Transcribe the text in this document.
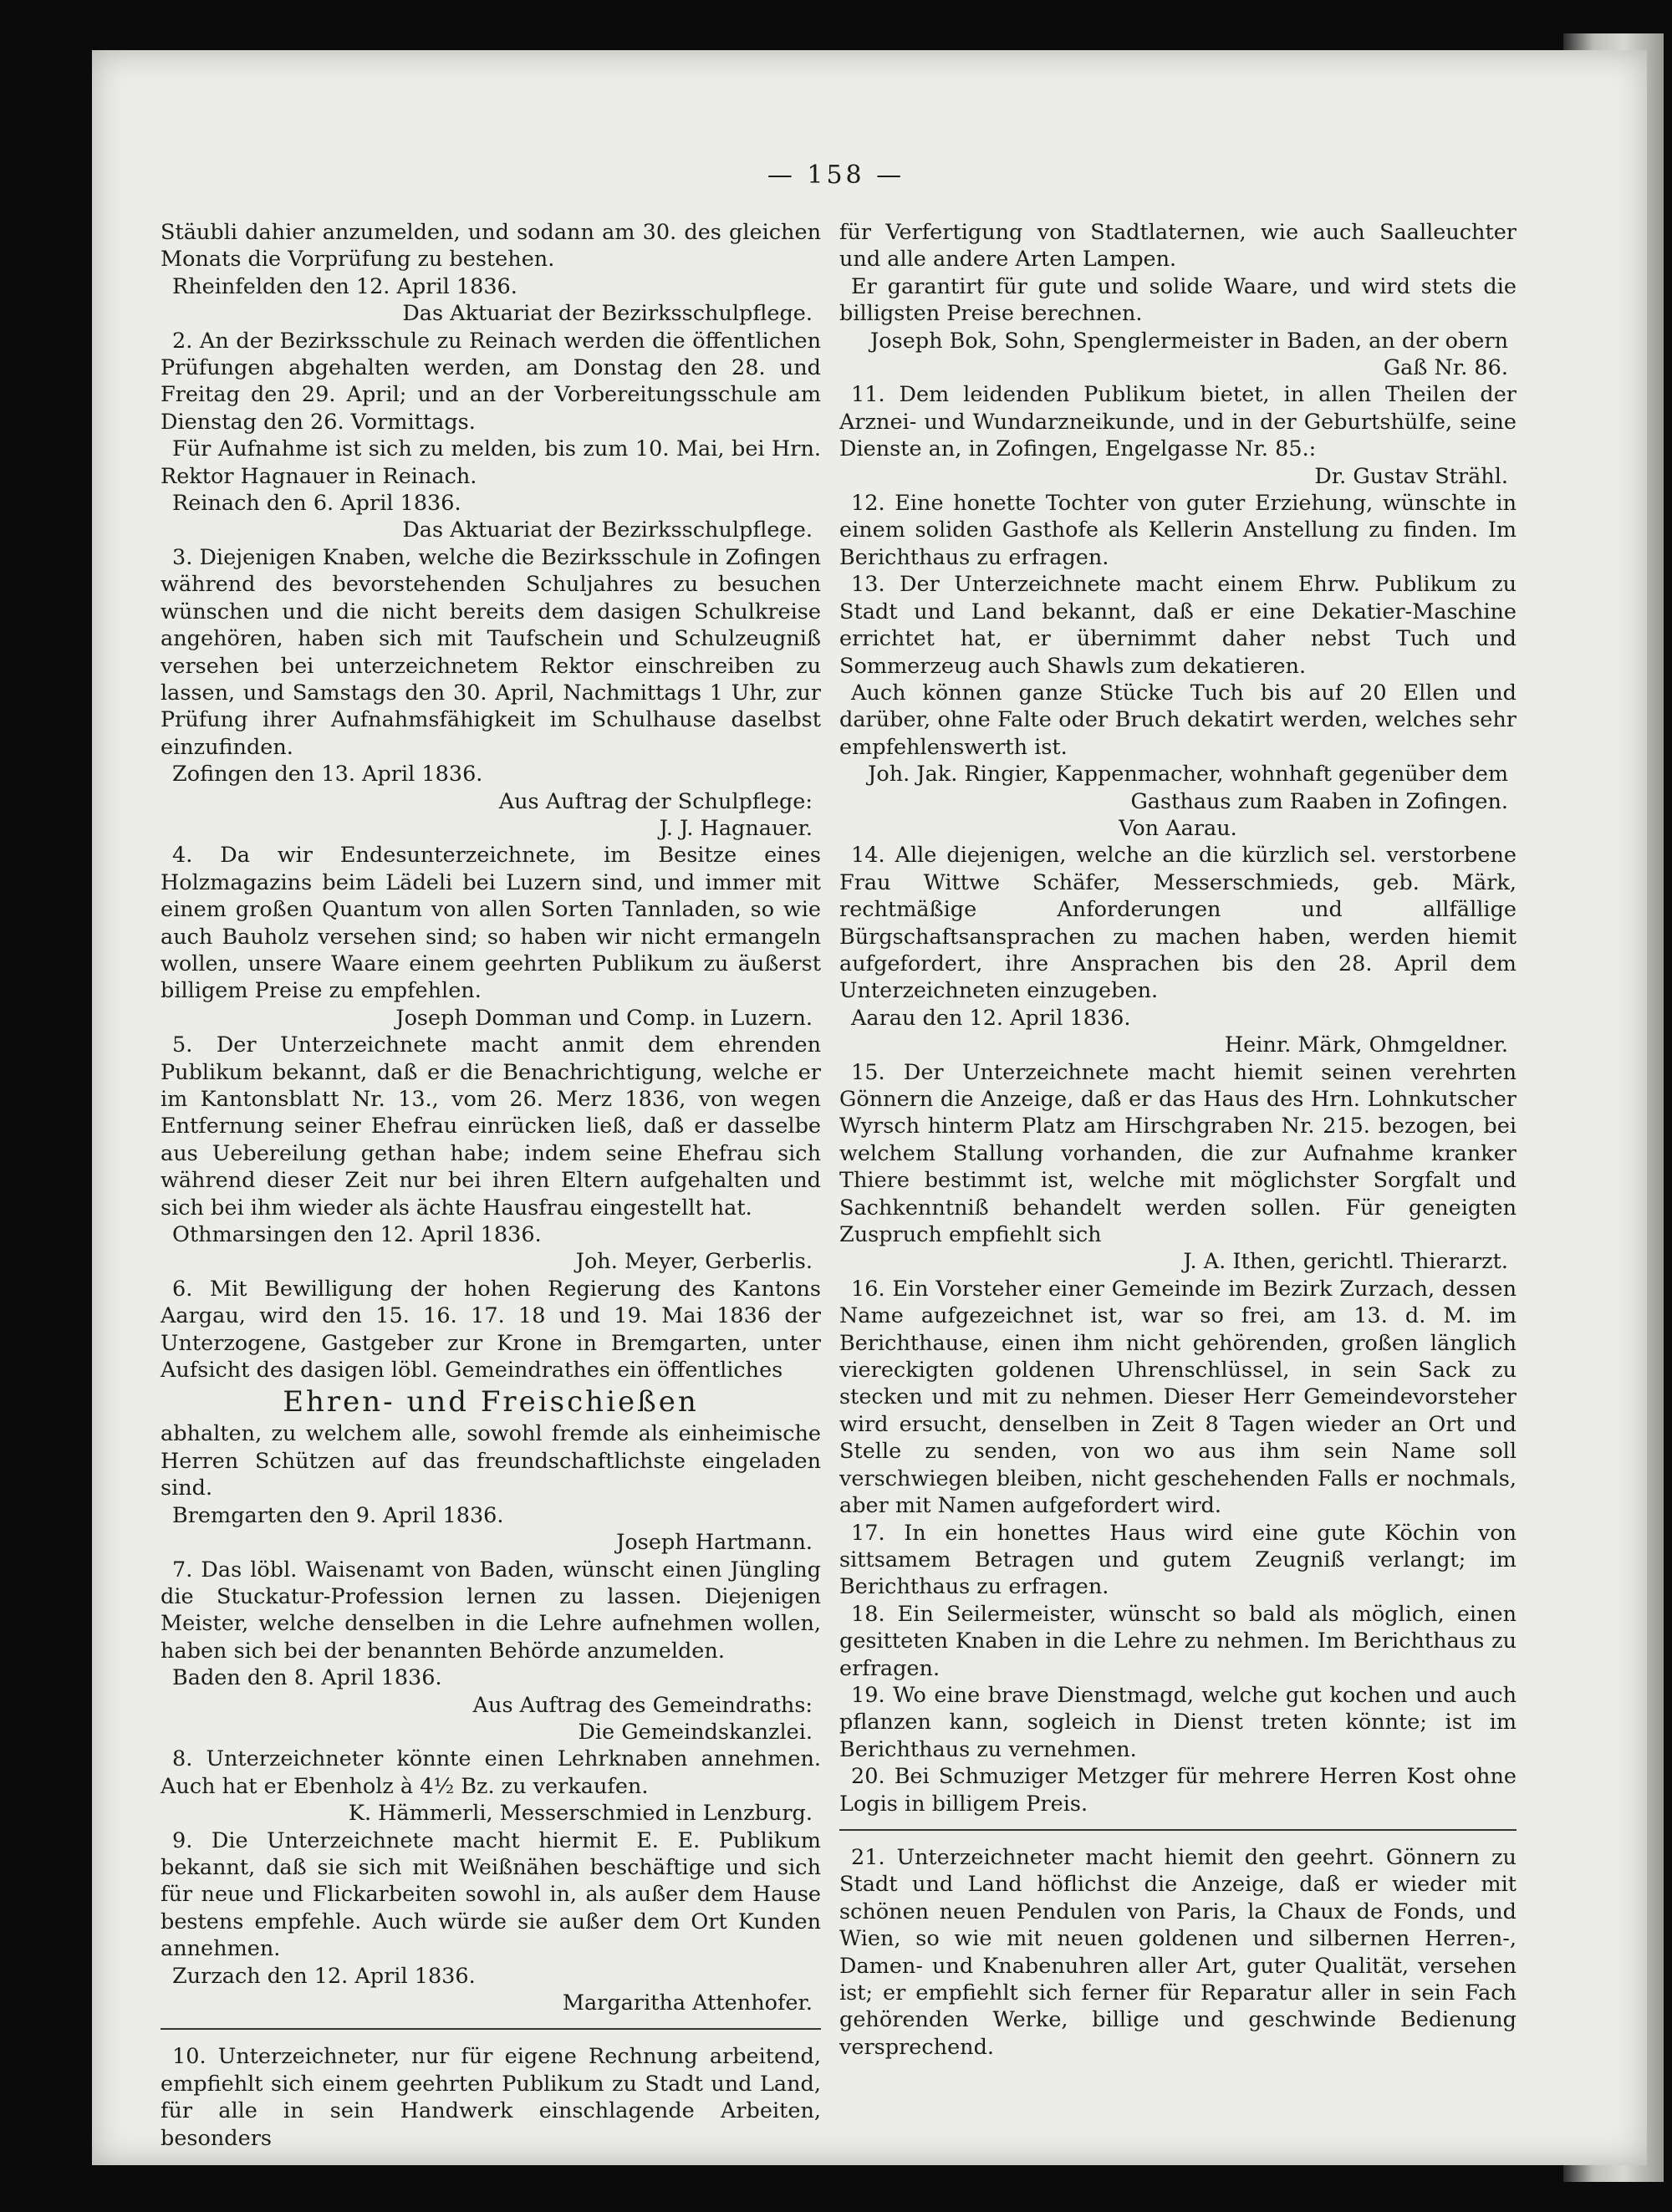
— 158 —

Stäubli dahier anzumelden, und sodann am 30. des gleichen Monats die Vorprüfung zu bestehen.

Rheinfelden den 12. April 1836.

Das Aktuariat der Bezirksschulpflege.

2. An der Bezirksschule zu Reinach werden die öffentlichen Prüfungen abgehalten werden, am Donstag den 28. und Freitag den 29. April; und an der Vorbereitungsschule am Dienstag den 26. Vormittags.

Für Aufnahme ist sich zu melden, bis zum 10. Mai, bei Hrn. Rektor Hagnauer in Reinach.

Reinach den 6. April 1836.

Das Aktuariat der Bezirksschulpflege.

3. Diejenigen Knaben, welche die Bezirksschule in Zofingen während des bevorstehenden Schuljahres zu besuchen wünschen und die nicht bereits dem dasigen Schulkreise angehören, haben sich mit Taufschein und Schulzeugniß versehen bei unterzeichnetem Rektor einschreiben zu lassen, und Samstags den 30. April, Nachmittags 1 Uhr, zur Prüfung ihrer Aufnahmsfähigkeit im Schulhause daselbst einzufinden.

Zofingen den 13. April 1836.

Aus Auftrag der Schulpflege:

J. J. Hagnauer.

4. Da wir Endesunterzeichnete, im Besitze eines Holzmagazins beim Lädeli bei Luzern sind, und immer mit einem großen Quantum von allen Sorten Tannladen, so wie auch Bauholz versehen sind; so haben wir nicht ermangeln wollen, unsere Waare einem geehrten Publikum zu äußerst billigem Preise zu empfehlen.

Joseph Domman und Comp. in Luzern.

5. Der Unterzeichnete macht anmit dem ehrenden Publikum bekannt, daß er die Benachrichtigung, welche er im Kantonsblatt Nr. 13., vom 26. Merz 1836, von wegen Entfernung seiner Ehefrau einrücken ließ, daß er dasselbe aus Uebereilung gethan habe; indem seine Ehefrau sich während dieser Zeit nur bei ihren Eltern aufgehalten und sich bei ihm wieder als ächte Hausfrau eingestellt hat.

Othmarsingen den 12. April 1836.

Joh. Meyer, Gerberlis.

6. Mit Bewilligung der hohen Regierung des Kantons Aargau, wird den 15. 16. 17. 18 und 19. Mai 1836 der Unterzogene, Gastgeber zur Krone in Bremgarten, unter Aufsicht des dasigen löbl. Gemeindrathes ein öffentliches

Ehren- und Freischießen

abhalten, zu welchem alle, sowohl fremde als einheimische Herren Schützen auf das freundschaftlichste eingeladen sind.

Bremgarten den 9. April 1836.

Joseph Hartmann.

7. Das löbl. Waisenamt von Baden, wünscht einen Jüngling die Stuckatur-Profession lernen zu lassen. Diejenigen Meister, welche denselben in die Lehre aufnehmen wollen, haben sich bei der benannten Behörde anzumelden.

Baden den 8. April 1836.

Aus Auftrag des Gemeindraths:

Die Gemeindskanzlei.

8. Unterzeichneter könnte einen Lehrknaben annehmen. Auch hat er Ebenholz à 4½ Bz. zu verkaufen.

K. Hämmerli, Messerschmied in Lenzburg.

9. Die Unterzeichnete macht hiermit E. E. Publikum bekannt, daß sie sich mit Weißnähen beschäftige und sich für neue und Flickarbeiten sowohl in, als außer dem Hause bestens empfehle. Auch würde sie außer dem Ort Kunden annehmen.

Zurzach den 12. April 1836.

Margaritha Attenhofer.

10. Unterzeichneter, nur für eigene Rechnung arbeitend, empfiehlt sich einem geehrten Publikum zu Stadt und Land, für alle in sein Handwerk einschlagende Arbeiten, besonders

für Verfertigung von Stadtlaternen, wie auch Saalleuchter und alle andere Arten Lampen.

Er garantirt für gute und solide Waare, und wird stets die billigsten Preise berechnen.

Joseph Bok, Sohn, Spenglermeister in Baden, an der obern Gaß Nr. 86.

11. Dem leidenden Publikum bietet, in allen Theilen der Arznei- und Wundarzneikunde, und in der Geburtshülfe, seine Dienste an, in Zofingen, Engelgasse Nr. 85.:

Dr. Gustav Strähl.

12. Eine honette Tochter von guter Erziehung, wünschte in einem soliden Gasthofe als Kellerin Anstellung zu finden. Im Berichthaus zu erfragen.

13. Der Unterzeichnete macht einem Ehrw. Publikum zu Stadt und Land bekannt, daß er eine Dekatier-Maschine errichtet hat, er übernimmt daher nebst Tuch und Sommerzeug auch Shawls zum dekatieren.

Auch können ganze Stücke Tuch bis auf 20 Ellen und darüber, ohne Falte oder Bruch dekatirt werden, welches sehr empfehlenswerth ist.

Joh. Jak. Ringier, Kappenmacher, wohnhaft gegenüber dem Gasthaus zum Raaben in Zofingen.

Von Aarau.

14. Alle diejenigen, welche an die kürzlich sel. verstorbene Frau Wittwe Schäfer, Messerschmieds, geb. Märk, rechtmäßige Anforderungen und allfällige Bürgschaftsansprachen zu machen haben, werden hiemit aufgefordert, ihre Ansprachen bis den 28. April dem Unterzeichneten einzugeben.

Aarau den 12. April 1836.

Heinr. Märk, Ohmgeldner.

15. Der Unterzeichnete macht hiemit seinen verehrten Gönnern die Anzeige, daß er das Haus des Hrn. Lohnkutscher Wyrsch hinterm Platz am Hirschgraben Nr. 215. bezogen, bei welchem Stallung vorhanden, die zur Aufnahme kranker Thiere bestimmt ist, welche mit möglichster Sorgfalt und Sachkenntniß behandelt werden sollen. Für geneigten Zuspruch empfiehlt sich

J. A. Ithen, gerichtl. Thierarzt.

16. Ein Vorsteher einer Gemeinde im Bezirk Zurzach, dessen Name aufgezeichnet ist, war so frei, am 13. d. M. im Berichthause, einen ihm nicht gehörenden, großen länglich viereckigten goldenen Uhrenschlüssel, in sein Sack zu stecken und mit zu nehmen. Dieser Herr Gemeindevorsteher wird ersucht, denselben in Zeit 8 Tagen wieder an Ort und Stelle zu senden, von wo aus ihm sein Name soll verschwiegen bleiben, nicht geschehenden Falls er nochmals, aber mit Namen aufgefordert wird.

17. In ein honettes Haus wird eine gute Köchin von sittsamem Betragen und gutem Zeugniß verlangt; im Berichthaus zu erfragen.

18. Ein Seilermeister, wünscht so bald als möglich, einen gesitteten Knaben in die Lehre zu nehmen. Im Berichthaus zu erfragen.

19. Wo eine brave Dienstmagd, welche gut kochen und auch pflanzen kann, sogleich in Dienst treten könnte; ist im Berichthaus zu vernehmen.

20. Bei Schmuziger Metzger für mehrere Herren Kost ohne Logis in billigem Preis.

21. Unterzeichneter macht hiemit den geehrt. Gönnern zu Stadt und Land höflichst die Anzeige, daß er wieder mit schönen neuen Pendulen von Paris, la Chaux de Fonds, und Wien, so wie mit neuen goldenen und silbernen Herren-, Damen- und Knabenuhren aller Art, guter Qualität, versehen ist; er empfiehlt sich ferner für Reparatur aller in sein Fach gehörenden Werke, billige und geschwinde Bedienung versprechend.
